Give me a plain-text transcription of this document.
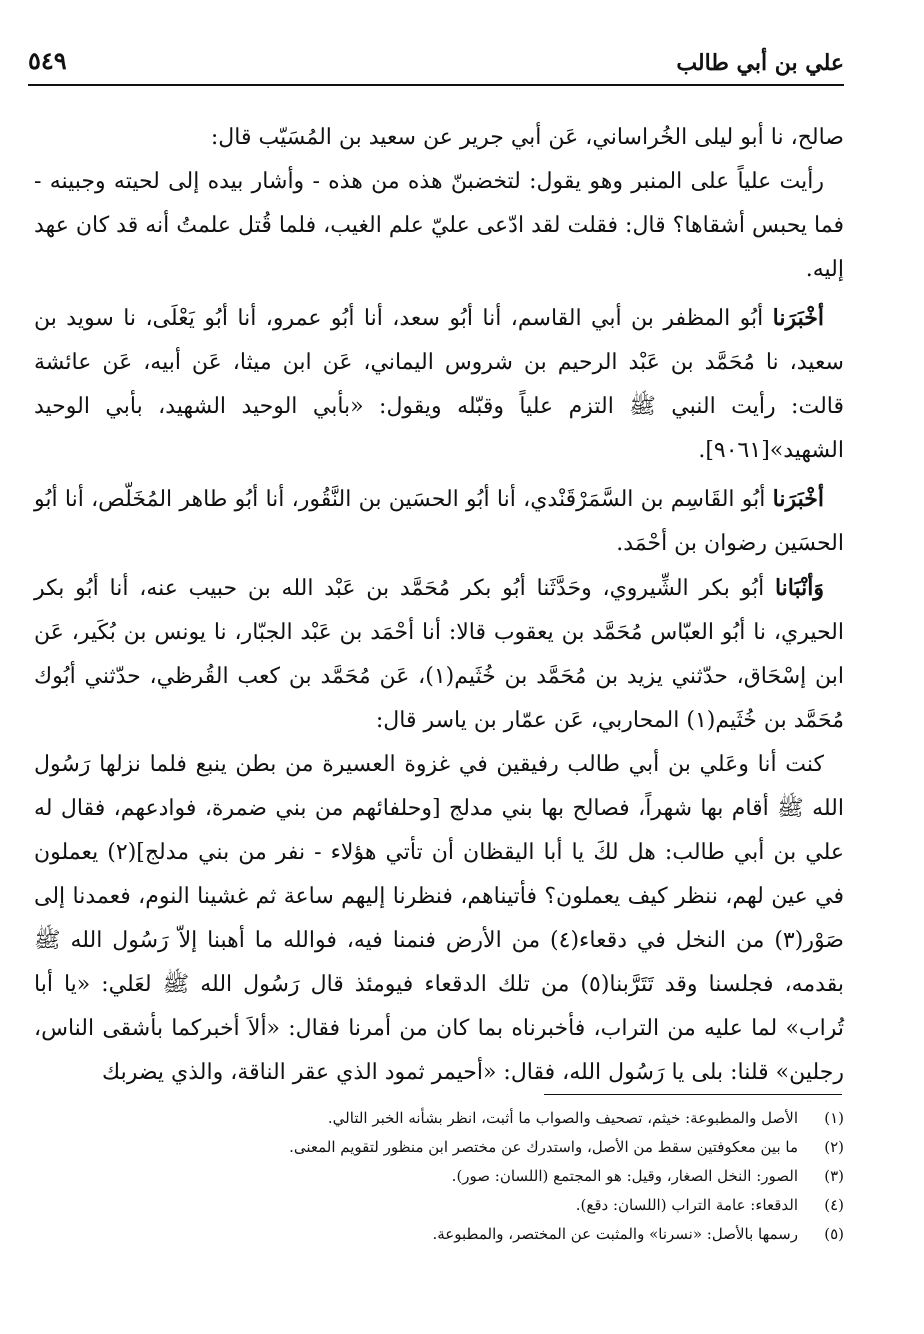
علي بن أبي طالب
٥٤٩

صالح، نا أبو ليلى الخُراساني، عَن أبي جرير عن سعيد بن المُسَيّب قال:

رأيت علياً على المنبر وهو يقول: لتخضبنّ هذه من هذه - وأشار بيده إلى لحيته وجبينه - فما يحبس أشقاها؟ قال: فقلت لقد ادّعى عليّ علم الغيب، فلما قُتل علمتُ أنه قد كان عهد إليه.

أخْبَرَنا أبُو المظفر بن أبي القاسم، أنا أبُو سعد، أنا أبُو عمرو، أنا أبُو يَعْلَى، نا سويد بن سعيد، نا مُحَمَّد بن عَبْد الرحيم بن شروس اليماني، عَن ابن ميثا، عَن أبيه، عَن عائشة قالت: رأيت النبي ﷺ التزم علياً وقبّله ويقول: «بأبي الوحيد الشهيد، بأبي الوحيد الشهيد»[٩٠٦١].

أخْبَرَنا أبُو القَاسِم بن السَّمَرْقَنْدي، أنا أبُو الحسَين بن النَّقُور، أنا أبُو طاهر المُخَلّص، أنا أبُو الحسَين رضوان بن أحْمَد.

وَأنْبَانا أبُو بكر الشِّيروي، وحَدَّثَنا أبُو بكر مُحَمَّد بن عَبْد الله بن حبيب عنه، أنا أبُو بكر الحيري، نا أبُو العبّاس مُحَمَّد بن يعقوب قالا: أنا أحْمَد بن عَبْد الجبّار، نا يونس بن بُكَير، عَن ابن إسْحَاق، حدّثني يزيد بن مُحَمَّد بن خُثَيم(١)، عَن مُحَمَّد بن كعب القُرظي، حدّثني أبُوك مُحَمَّد بن خُثَيم(١) المحاربي، عَن عمّار بن ياسر قال:

كنت أنا وعَلي بن أبي طالب رفيقين في غزوة العسيرة من بطن ينبع فلما نزلها رَسُول الله ﷺ أقام بها شهراً، فصالح بها بني مدلج [وحلفائهم من بني ضمرة، فوادعهم، فقال له علي بن أبي طالب: هل لكَ يا أبا اليقظان أن تأتي هؤلاء - نفر من بني مدلج](٢) يعملون في عين لهم، ننظر كيف يعملون؟ فأتيناهم، فنظرنا إليهم ساعة ثم غشينا النوم، فعمدنا إلى صَوْر(٣) من النخل في دقعاء(٤) من الأرض فنمنا فيه، فوالله ما أهبنا إلاّ رَسُول الله ﷺ بقدمه، فجلسنا وقد تَتَرَّبنا(٥) من تلك الدقعاء فيومئذ قال رَسُول الله ﷺ لعَلي: «يا أبا تُراب» لما عليه من التراب، فأخبرناه بما كان من أمرنا فقال: «ألاَ أخبركما بأشقى الناس، رجلين» قلنا: بلى يا رَسُول الله، فقال: «أحيمر ثمود الذي عقر الناقة، والذي يضربك

(١)
الأصل والمطبوعة: خيثم، تصحيف والصواب ما أثبت، انظر بشأنه الخبر التالي.
(٢)
ما بين معكوفتين سقط من الأصل، واستدرك عن مختصر ابن منظور لتقويم المعنى.
(٣)
الصور: النخل الصغار، وقيل: هو المجتمع (اللسان: صور).
(٤)
الدقعاء: عامة التراب (اللسان: دقع).
(٥)
رسمها بالأصل: «نسرنا» والمثبت عن المختصر، والمطبوعة.
